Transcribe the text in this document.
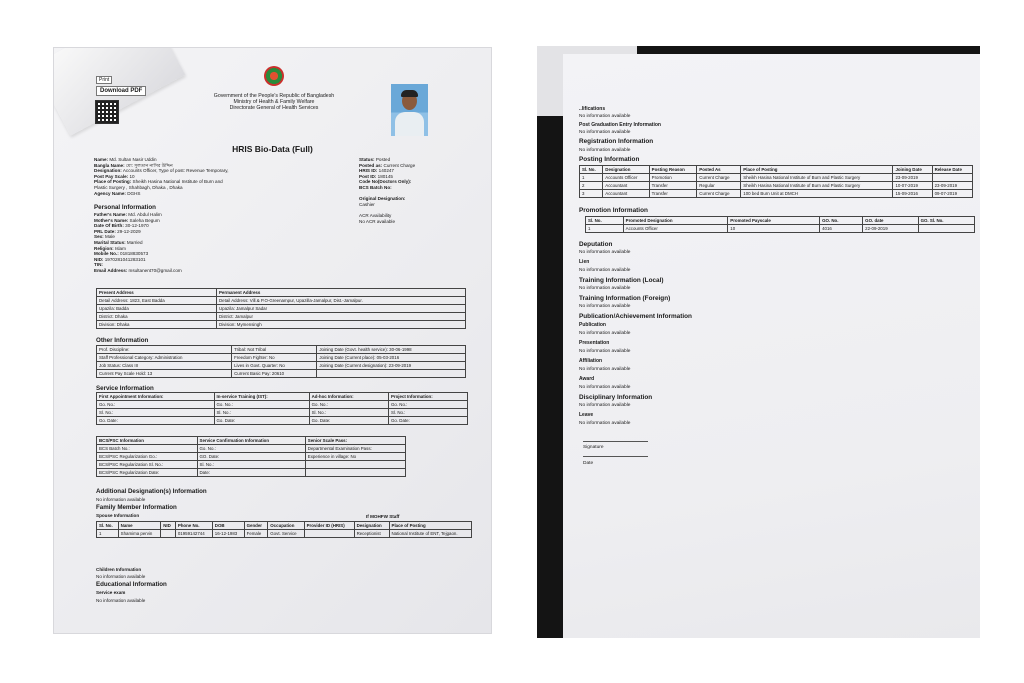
Print
Download PDF
Government of the People's Republic of Bangladesh
Ministry of Health & Family Welfare
Directorate General of Health Services
HRIS Bio-Data (Full)
Name: Md. Sultan Nasir Uddin
Bangla Name: মো: সুলতান নাসির উদ্দিন
Designation: Accounts Officer, Type of post: Revenue Temporary,
Post Pay Scale: 10
Place of Posting: Sheikh Hasina National Institute of Burn and
Plastic Surgery , Shahbagh, Dhaka , Dhaka
Agency Name: DGHS
Status: Posted
Posted as: Current Charge
HRIS ID: 140247
Post ID: 180145
Code No(Doctors Only):
BCS Batch No:
Original Designation:
Cashier
ACR Availability
No ACR available
Personal Information
Father's Name: Md. Abdul Halim
Mother's Name: Saleha Begum
Date Of Birth: 30-12-1970
PRL Date: 29-12-2029
Sex: Male
Marital Status: Married
Religion: Islam
Mobile No.: 01818830573
NID: 1970281041283101
TIN:
Email Address: msultanent70@gmail.com
Present Address	Permanent Address
Detail Address: 1823, East Badda	Detail Address: Vill.& P.O-Greenampur, Upazilla-Jamalpur, Dist.-Jamalpur.
Upazila: Badda	Upazila: Jamalpur Sadar
District: Dhaka	District: Jamalpur
Division: Dhaka	Division: Mymensingh
Other Information
Prof. Discipline:	Tribal: Not Tribal	Joining Date (Govt. health service): 30-06-1998
Staff Professional Category: Administration	Freedom Fighter: No	Joining Date (Current place): 05-03-2016
Job Status: Class III	Lives in Govt. Quarter: No	Joining Date (Current designation): 23-09-2019
Current Pay Scale Hold: 13	Current Basic Pay: 20610	
Service Information
First Appointment Information:	In-service Training (IST):	Ad-hoc Information:	Project Information:
Go. No.:	Go. No.:	Go. No.:	Go. No.:
Sl. No.:	Sl. No.:	Sl. No.:	Sl. No.:
Go. Date:	Go. Date:	Go. Date:	Go. Date:
BCS/PSC Information	Service Confirmation Information	Senior Scale Pass:
BCS Batch No.:	Go. No.:	Departmental Examination Pass:
BCS/PSC Regularization Go.:	GO. Date:	Experience in village: No
BCS/PSC Regularization Sl. No.:	Sl. No.:	
BCS/PSC Regularization Date:	Date:	
Additional Designation(s) Information
No information available
Family Member Information
Spouse Information	If MOHFW Staff
Sl. No.	Name	NID	Phone No.	DOB	Gender	Occupation	Provider ID (HRIS)	Designation	Place of Posting
1	Shamima pervin		01959142744	16-12-1983	Female	Govt. Service		Receptionist	National Institute of ENT, Tejgaon.
Children Information
No information available
Educational Information
Service exam
No information available
..lifications
No information available
Post Graduation Entry Information
No information available
Registration Information
No information available
Posting Information
Sl. No.	Designation	Posting Reason	Posted As	Place of Posting	Joining Date	Release Date
1	Accounts Officer	Promotion	Current Charge	Sheikh Hasina National Institute of Burn and Plastic Surgery	23-09-2019	
2	Accountant	Transfer	Regular	Sheikh Hasina National Institute of Burn and Plastic Surgery	10-07-2019	23-09-2019
3	Accountant	Transfer	Current Charge	100 bed Burn Unit at DMCH	15-09-2016	09-07-2019
Promotion Information
Sl. No.	Promoted Designation	Promoted Payscale	GO. No.	GO. date	GO. Sl. No.
1	Accounts Officer	10	4016	22-09-2019	
Deputation
No information available
Lien
No information available
Training Information (Local)
No information available
Training Information (Foreign)
No information available
Publication/Achievement Information
Publication
No information available
Presentation
No information available
Affiliation
No information available
Award
No information available
Disciplinary Information
No information available
Leave
No information available
Signature
Date
